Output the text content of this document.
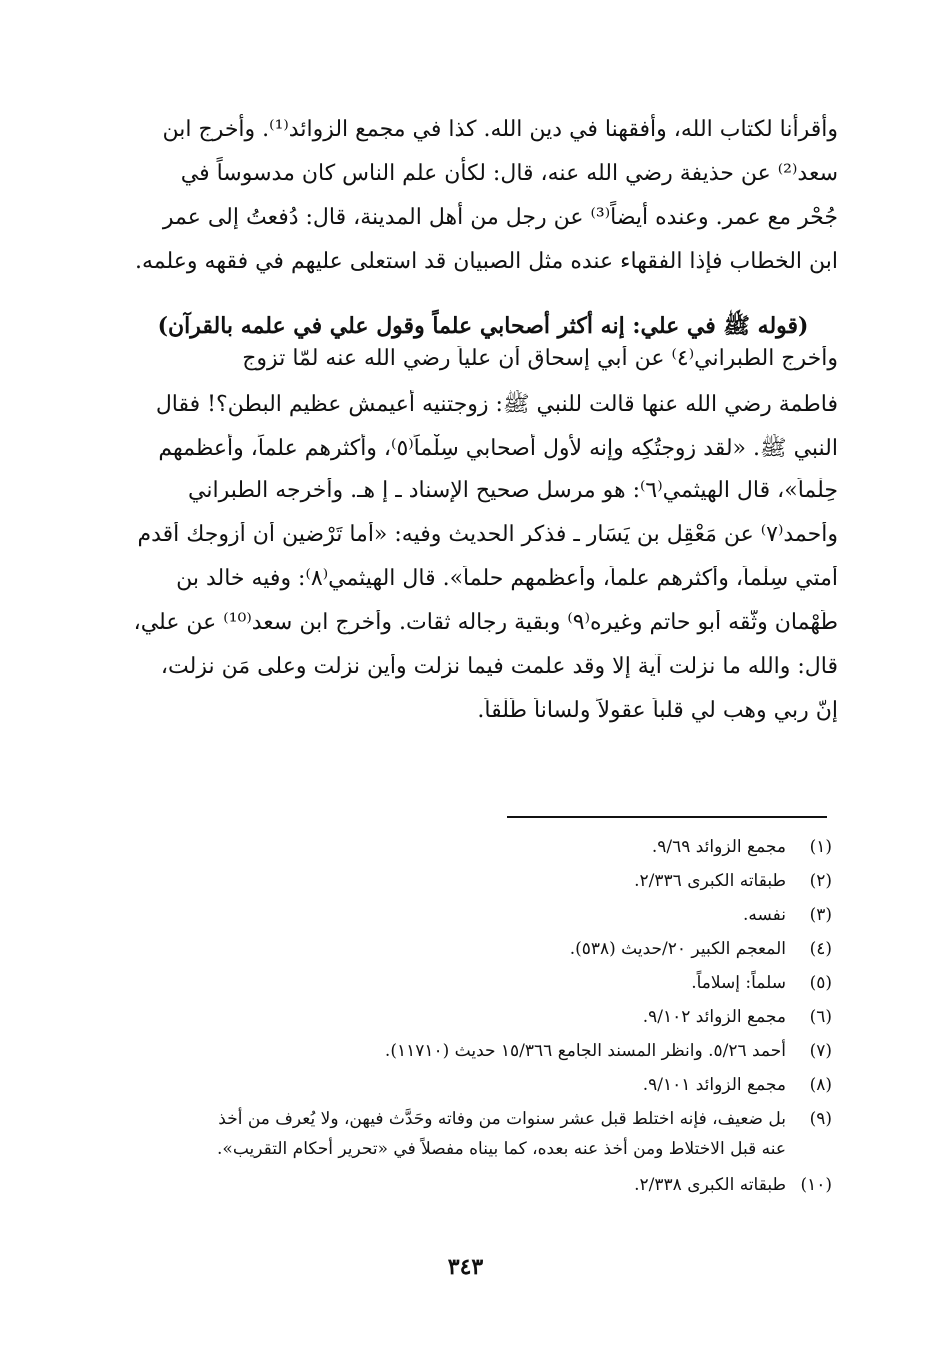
وأقرأنا لكتاب الله، وأفقهنا في دين الله. كذا في مجمع الزوائد⁽¹⁾. وأخرج ابن
سعد⁽²⁾ عن حذيفة رضي الله عنه، قال: لكأن علم الناس كان مدسوساً في
جُحْر مع عمر. وعنده أيضاً⁽³⁾ عن رجل من أهل المدينة، قال: دُفعتُ إلى عمر
ابن الخطاب فإذا الفقهاء عنده مثل الصبيان قد استعلى عليهم في فقهه وعلمه.
(قوله ﷺ في علي: إنه أكثر أصحابي علماً وقول علي في علمه بالقرآن)
وأخرج الطبراني⁽٤⁾ عن أبي إسحاق أن علياً رضي الله عنه لمّا تزوج
فاطمة رضي الله عنها قالت للنبي ﷺ: زوجتنيه أعيمش عظيم البطن؟! فقال
النبي ﷺ. «لقد زوجتُكِه وإنه لأول أصحابي سِلْماً⁽٥⁾، وأكثرهم علماً، وأعظمهم
حِلْماً»، قال الهيثمي⁽٦⁾: هو مرسل صحيح الإسناد ـ إ هـ. وأخرجه الطبراني
وأحمد⁽٧⁾ عن مَعْقِل بن يَسَار ـ فذكر الحديث وفيه: «أما تَرْضين أن أزوجك أقدم
أمتي سِلْماً، وأكثرهم علماً، وأعظمهم حلماً». قال الهيثمي⁽٨⁾: وفيه خالد بن
طَهْمان وثّقه أبو حاتم وغيره⁽٩⁾ وبقية رجاله ثقات. وأخرج ابن سعد⁽¹⁰⁾ عن علي،
قال: والله ما نزلت آية إلا وقد علمت فيما نزلت وأين نزلت وعلى مَن نزلت،
إنّ ربي وهب لي قلباً عقولاً ولساناً طَلْقاً.
(١)
مجمع الزوائد ٩/٦٩.
(٢)
طبقاته الكبرى ٢/٣٣٦.
(٣)
نفسه.
(٤)
المعجم الكبير ٢٠/حديث (٥٣٨).
(٥)
سلماً: إسلاماً.
(٦)
مجمع الزوائد ٩/١٠٢.
(٧)
أحمد ٥/٢٦. وانظر المسند الجامع ١٥/٣٦٦ حديث (١١٧١٠).
(٨)
مجمع الزوائد ٩/١٠١.
(٩)
بل ضعيف، فإنه اختلط قبل عشر سنوات من وفاته وحَدَّث فيهن، ولا يُعرف من أخذ
عنه قبل الاختلاط ومن أخذ عنه بعده، كما بيناه مفصلاً في «تحرير أحكام التقريب».
(١٠)
طبقاته الكبرى ٢/٣٣٨.
٣٤٣
